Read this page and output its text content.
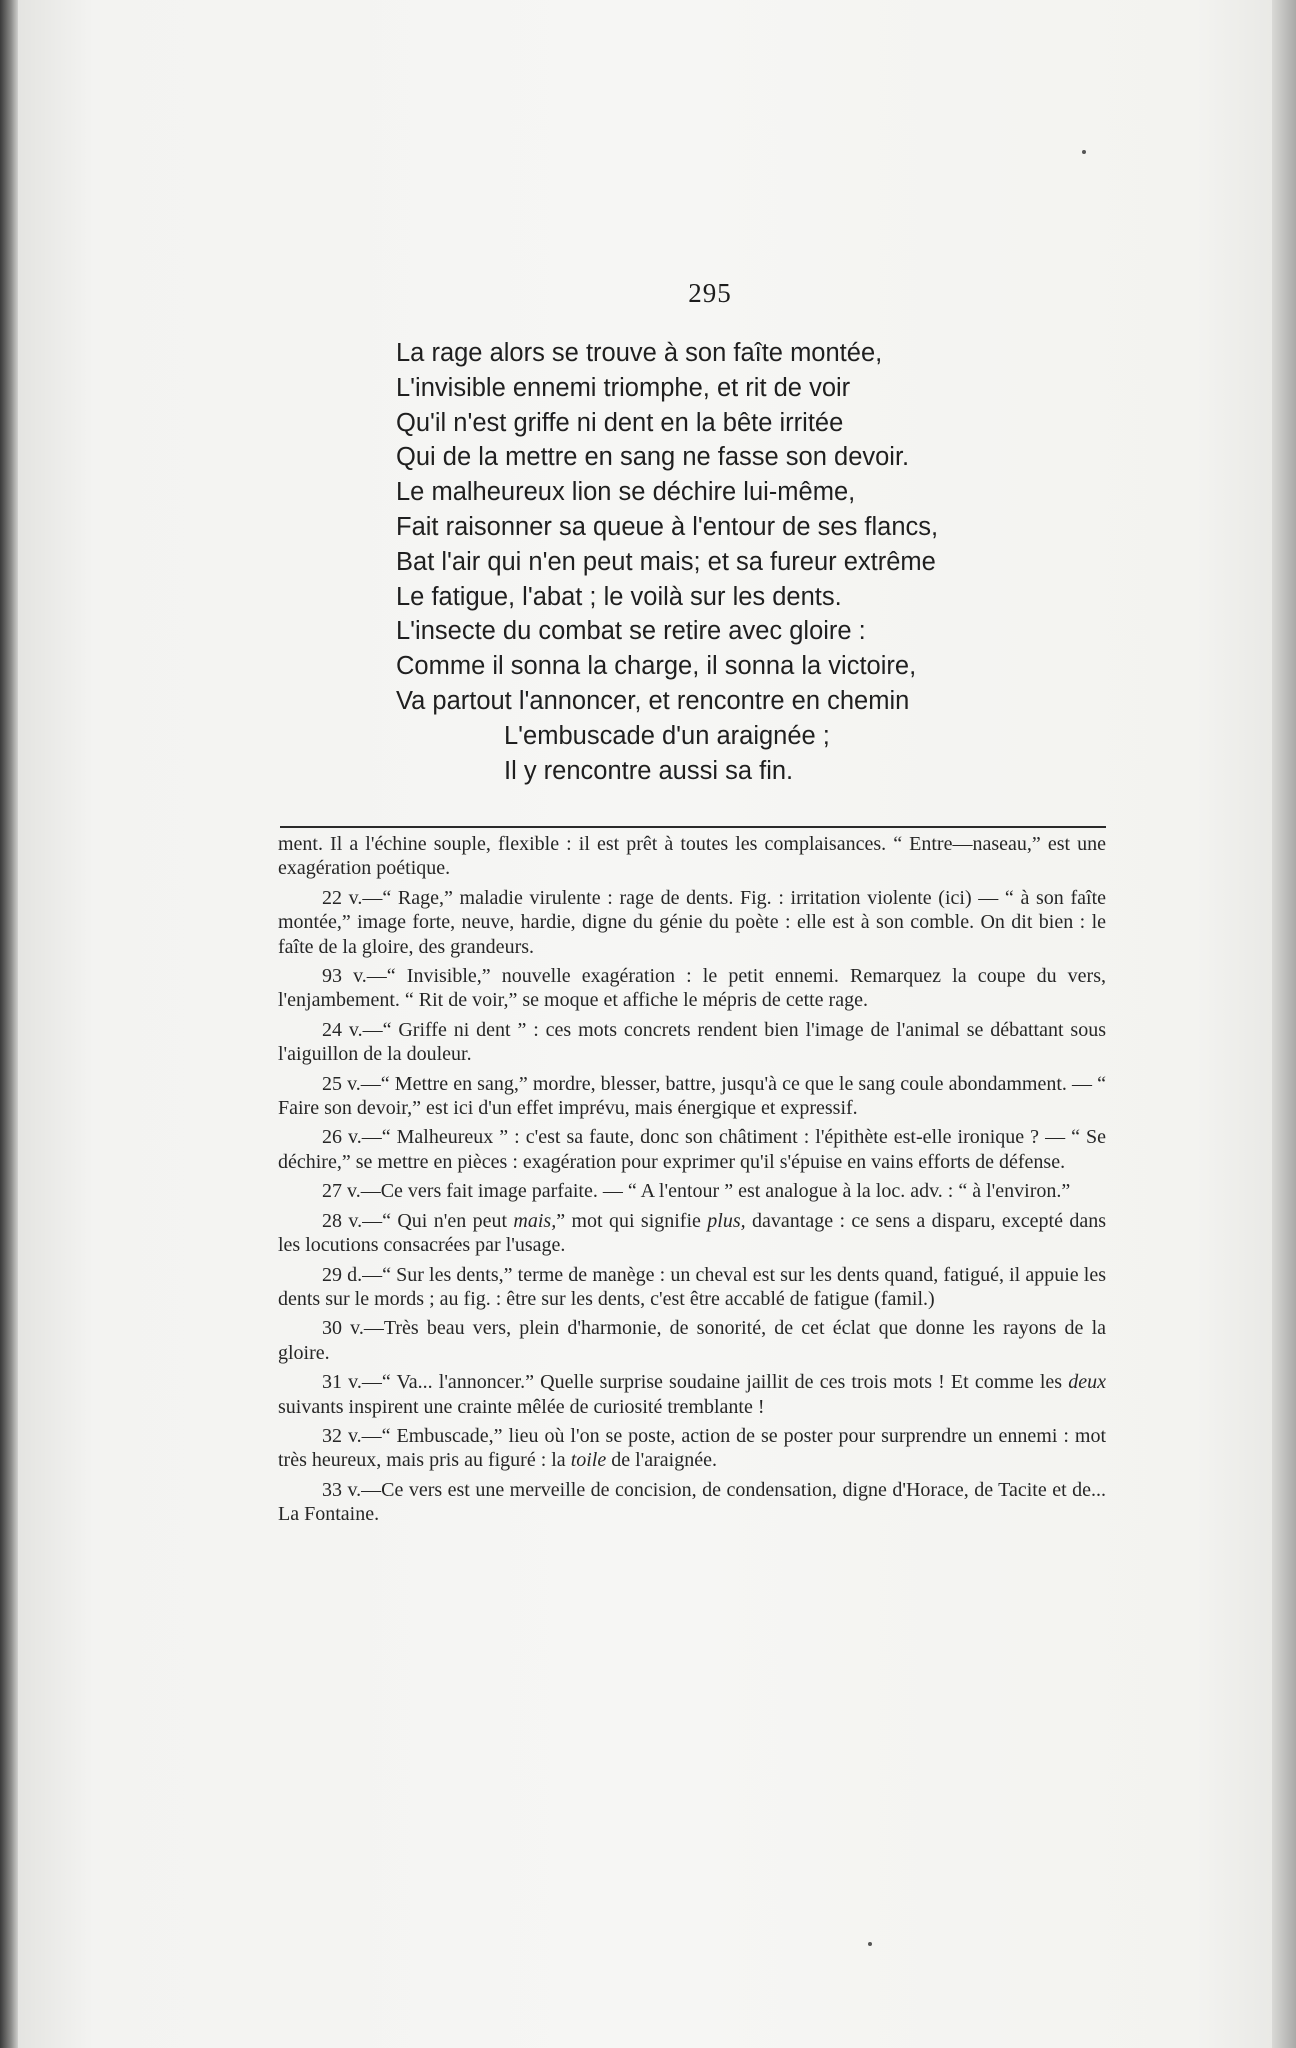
295
La rage alors se trouve à son faîte montée,
L'invisible ennemi triomphe, et rit de voir
Qu'il n'est griffe ni dent en la bête irritée
Qui de la mettre en sang ne fasse son devoir.
Le malheureux lion se déchire lui-même,
Fait raisonner sa queue à l'entour de ses flancs,
Bat l'air qui n'en peut mais; et sa fureur extrême
Le fatigue, l'abat ; le voilà sur les dents.
L'insecte du combat se retire avec gloire :
Comme il sonna la charge, il sonna la victoire,
Va partout l'annoncer, et rencontre en chemin
L'embuscade d'un araignée ;
Il y rencontre aussi sa fin.

ment. Il a l'échine souple, flexible : il est prêt à toutes les complaisances. “ Entre—naseau,” est une exagération poétique.

22 v.—“ Rage,” maladie virulente : rage de dents. Fig. : irritation violente (ici) — “ à son faîte montée,” image forte, neuve, hardie, digne du génie du poète : elle est à son comble. On dit bien : le faîte de la gloire, des grandeurs.

93 v.—“ Invisible,” nouvelle exagération : le petit ennemi. Remarquez la coupe du vers, l'enjambement. “ Rit de voir,” se moque et affiche le mépris de cette rage.

24 v.—“ Griffe ni dent ” : ces mots concrets rendent bien l'image de l'animal se débattant sous l'aiguillon de la douleur.

25 v.—“ Mettre en sang,” mordre, blesser, battre, jusqu'à ce que le sang coule abondamment. — “ Faire son devoir,” est ici d'un effet imprévu, mais énergique et expressif.

26 v.—“ Malheureux ” : c'est sa faute, donc son châtiment : l'épithète est-elle ironique ? — “ Se déchire,” se mettre en pièces : exagération pour exprimer qu'il s'épuise en vains efforts de défense.

27 v.—Ce vers fait image parfaite. — “ A l'entour ” est analogue à la loc. adv. : “ à l'environ.”

28 v.—“ Qui n'en peut mais,” mot qui signifie plus, davantage : ce sens a disparu, excepté dans les locutions consacrées par l'usage.

29 d.—“ Sur les dents,” terme de manège : un cheval est sur les dents quand, fatigué, il appuie les dents sur le mords ; au fig. : être sur les dents, c'est être accablé de fatigue (famil.)

30 v.—Très beau vers, plein d'harmonie, de sonorité, de cet éclat que donne les rayons de la gloire.

31 v.—“ Va... l'annoncer.” Quelle surprise soudaine jaillit de ces trois mots ! Et comme les deux suivants inspirent une crainte mêlée de curiosité tremblante !

32 v.—“ Embuscade,” lieu où l'on se poste, action de se poster pour surprendre un ennemi : mot très heureux, mais pris au figuré : la toile de l'araignée.

33 v.—Ce vers est une merveille de concision, de condensation, digne d'Horace, de Tacite et de... La Fontaine.
